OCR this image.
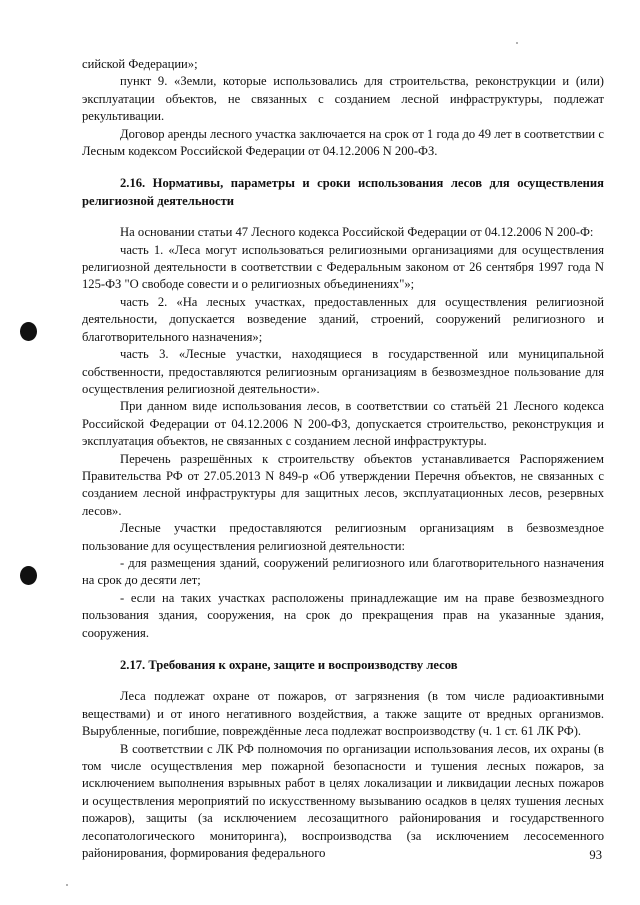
сийской Федерации»;

пункт 9. «Земли, которые использовались для строительства, реконструкции и (или) эксплуатации объектов, не связанных с созданием лесной инфраструктуры, подлежат рекультивации.

Договор аренды лесного участка заключается на срок от 1 года до 49 лет в соответствии с Лесным кодексом Российской Федерации от 04.12.2006 N 200-ФЗ.

2.16. Нормативы, параметры и сроки использования лесов для осуществления религиозной деятельности

На основании статьи 47 Лесного кодекса Российской Федерации от 04.12.2006 N 200-Ф:

часть 1. «Леса могут использоваться религиозными организациями для осуществления религиозной деятельности в соответствии с Федеральным законом от 26 сентября 1997 года N 125-ФЗ "О свободе совести и о религиозных объединениях"»;

часть 2. «На лесных участках, предоставленных для осуществления религиозной деятельности, допускается возведение зданий, строений, сооружений религиозного и благотворительного назначения»;

часть 3. «Лесные участки, находящиеся в государственной или муниципальной собственности, предоставляются религиозным организациям в безвозмездное пользование для осуществления религиозной деятельности».

При данном виде использования лесов, в соответствии со статьёй 21 Лесного кодекса Российской Федерации от 04.12.2006 N 200-ФЗ, допускается строительство, реконструкция и эксплуатация объектов, не связанных с созданием лесной инфраструктуры.

Перечень разрешённых к строительству объектов устанавливается Распоряжением Правительства РФ от 27.05.2013 N 849-р «Об утверждении Перечня объектов, не связанных с созданием лесной инфраструктуры для защитных лесов, эксплуатационных лесов, резервных лесов».

Лесные участки предоставляются религиозным организациям в безвозмездное пользование для осуществления религиозной деятельности:

- для размещения зданий, сооружений религиозного или благотворительного назначения на срок до десяти лет;

- если на таких участках расположены принадлежащие им на праве безвозмездного пользования здания, сооружения, на срок до прекращения прав на указанные здания, сооружения.

2.17. Требования к охране, защите и воспроизводству лесов

Леса подлежат охране от пожаров, от загрязнения (в том числе радиоактивными веществами) и от иного негативного воздействия, а также защите от вредных организмов. Вырубленные, погибшие, повреждённые леса подлежат воспроизводству (ч. 1 ст. 61 ЛК РФ).

В соответствии с ЛК РФ полномочия по организации использования лесов, их охраны (в том числе осуществления мер пожарной безопасности и тушения лесных пожаров, за исключением выполнения взрывных работ в целях локализации и ликвидации лесных пожаров и осуществления мероприятий по искусственному вызыванию осадков в целях тушения лесных пожаров), защиты (за исключением лесозащитного районирования и государственного лесопатологического мониторинга), воспроизводства (за исключением лесосеменного районирования, формирования федерального	93
